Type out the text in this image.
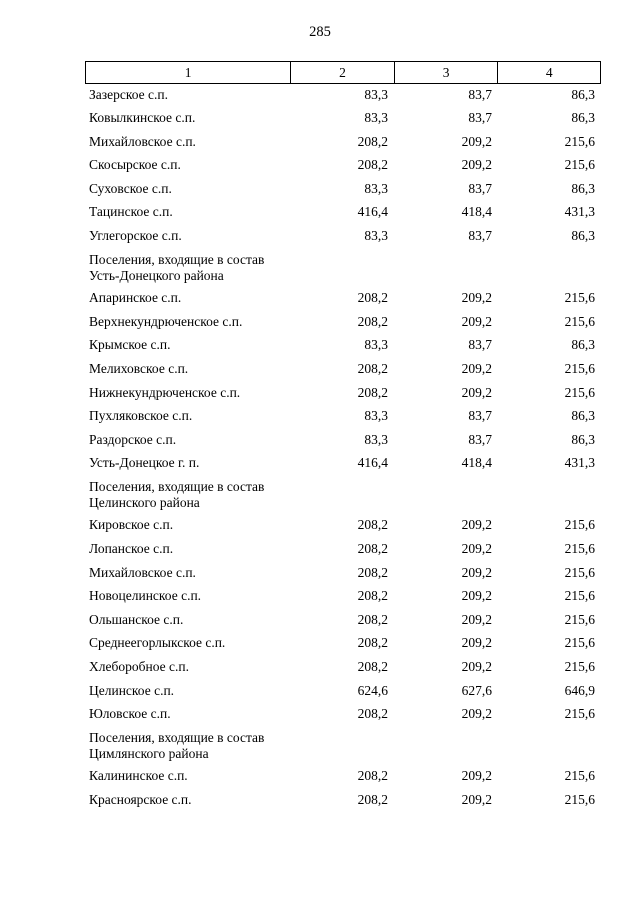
285
1	2	3	4
Зазерское с.п.	83,3	83,7	86,3
Ковылкинское с.п.	83,3	83,7	86,3
Михайловское с.п.	208,2	209,2	215,6
Скосырское с.п.	208,2	209,2	215,6
Суховское с.п.	83,3	83,7	86,3
Тацинское с.п.	416,4	418,4	431,3
Углегорское с.п.	83,3	83,7	86,3
Поселения, входящие в состав Усть-Донецкого района
Апаринское с.п.	208,2	209,2	215,6
Верхнекундрюченское с.п.	208,2	209,2	215,6
Крымское с.п.	83,3	83,7	86,3
Мелиховское с.п.	208,2	209,2	215,6
Нижнекундрюченское с.п.	208,2	209,2	215,6
Пухляковское с.п.	83,3	83,7	86,3
Раздорское с.п.	83,3	83,7	86,3
Усть-Донецкое г. п.	416,4	418,4	431,3
Поселения, входящие в состав Целинского района
Кировское с.п.	208,2	209,2	215,6
Лопанское с.п.	208,2	209,2	215,6
Михайловское с.п.	208,2	209,2	215,6
Новоцелинское с.п.	208,2	209,2	215,6
Ольшанское с.п.	208,2	209,2	215,6
Среднеегорлыкское с.п.	208,2	209,2	215,6
Хлеборобное с.п.	208,2	209,2	215,6
Целинское с.п.	624,6	627,6	646,9
Юловское с.п.	208,2	209,2	215,6
Поселения, входящие в состав Цимлянского района
Калининское с.п.	208,2	209,2	215,6
Красноярское с.п.	208,2	209,2	215,6
